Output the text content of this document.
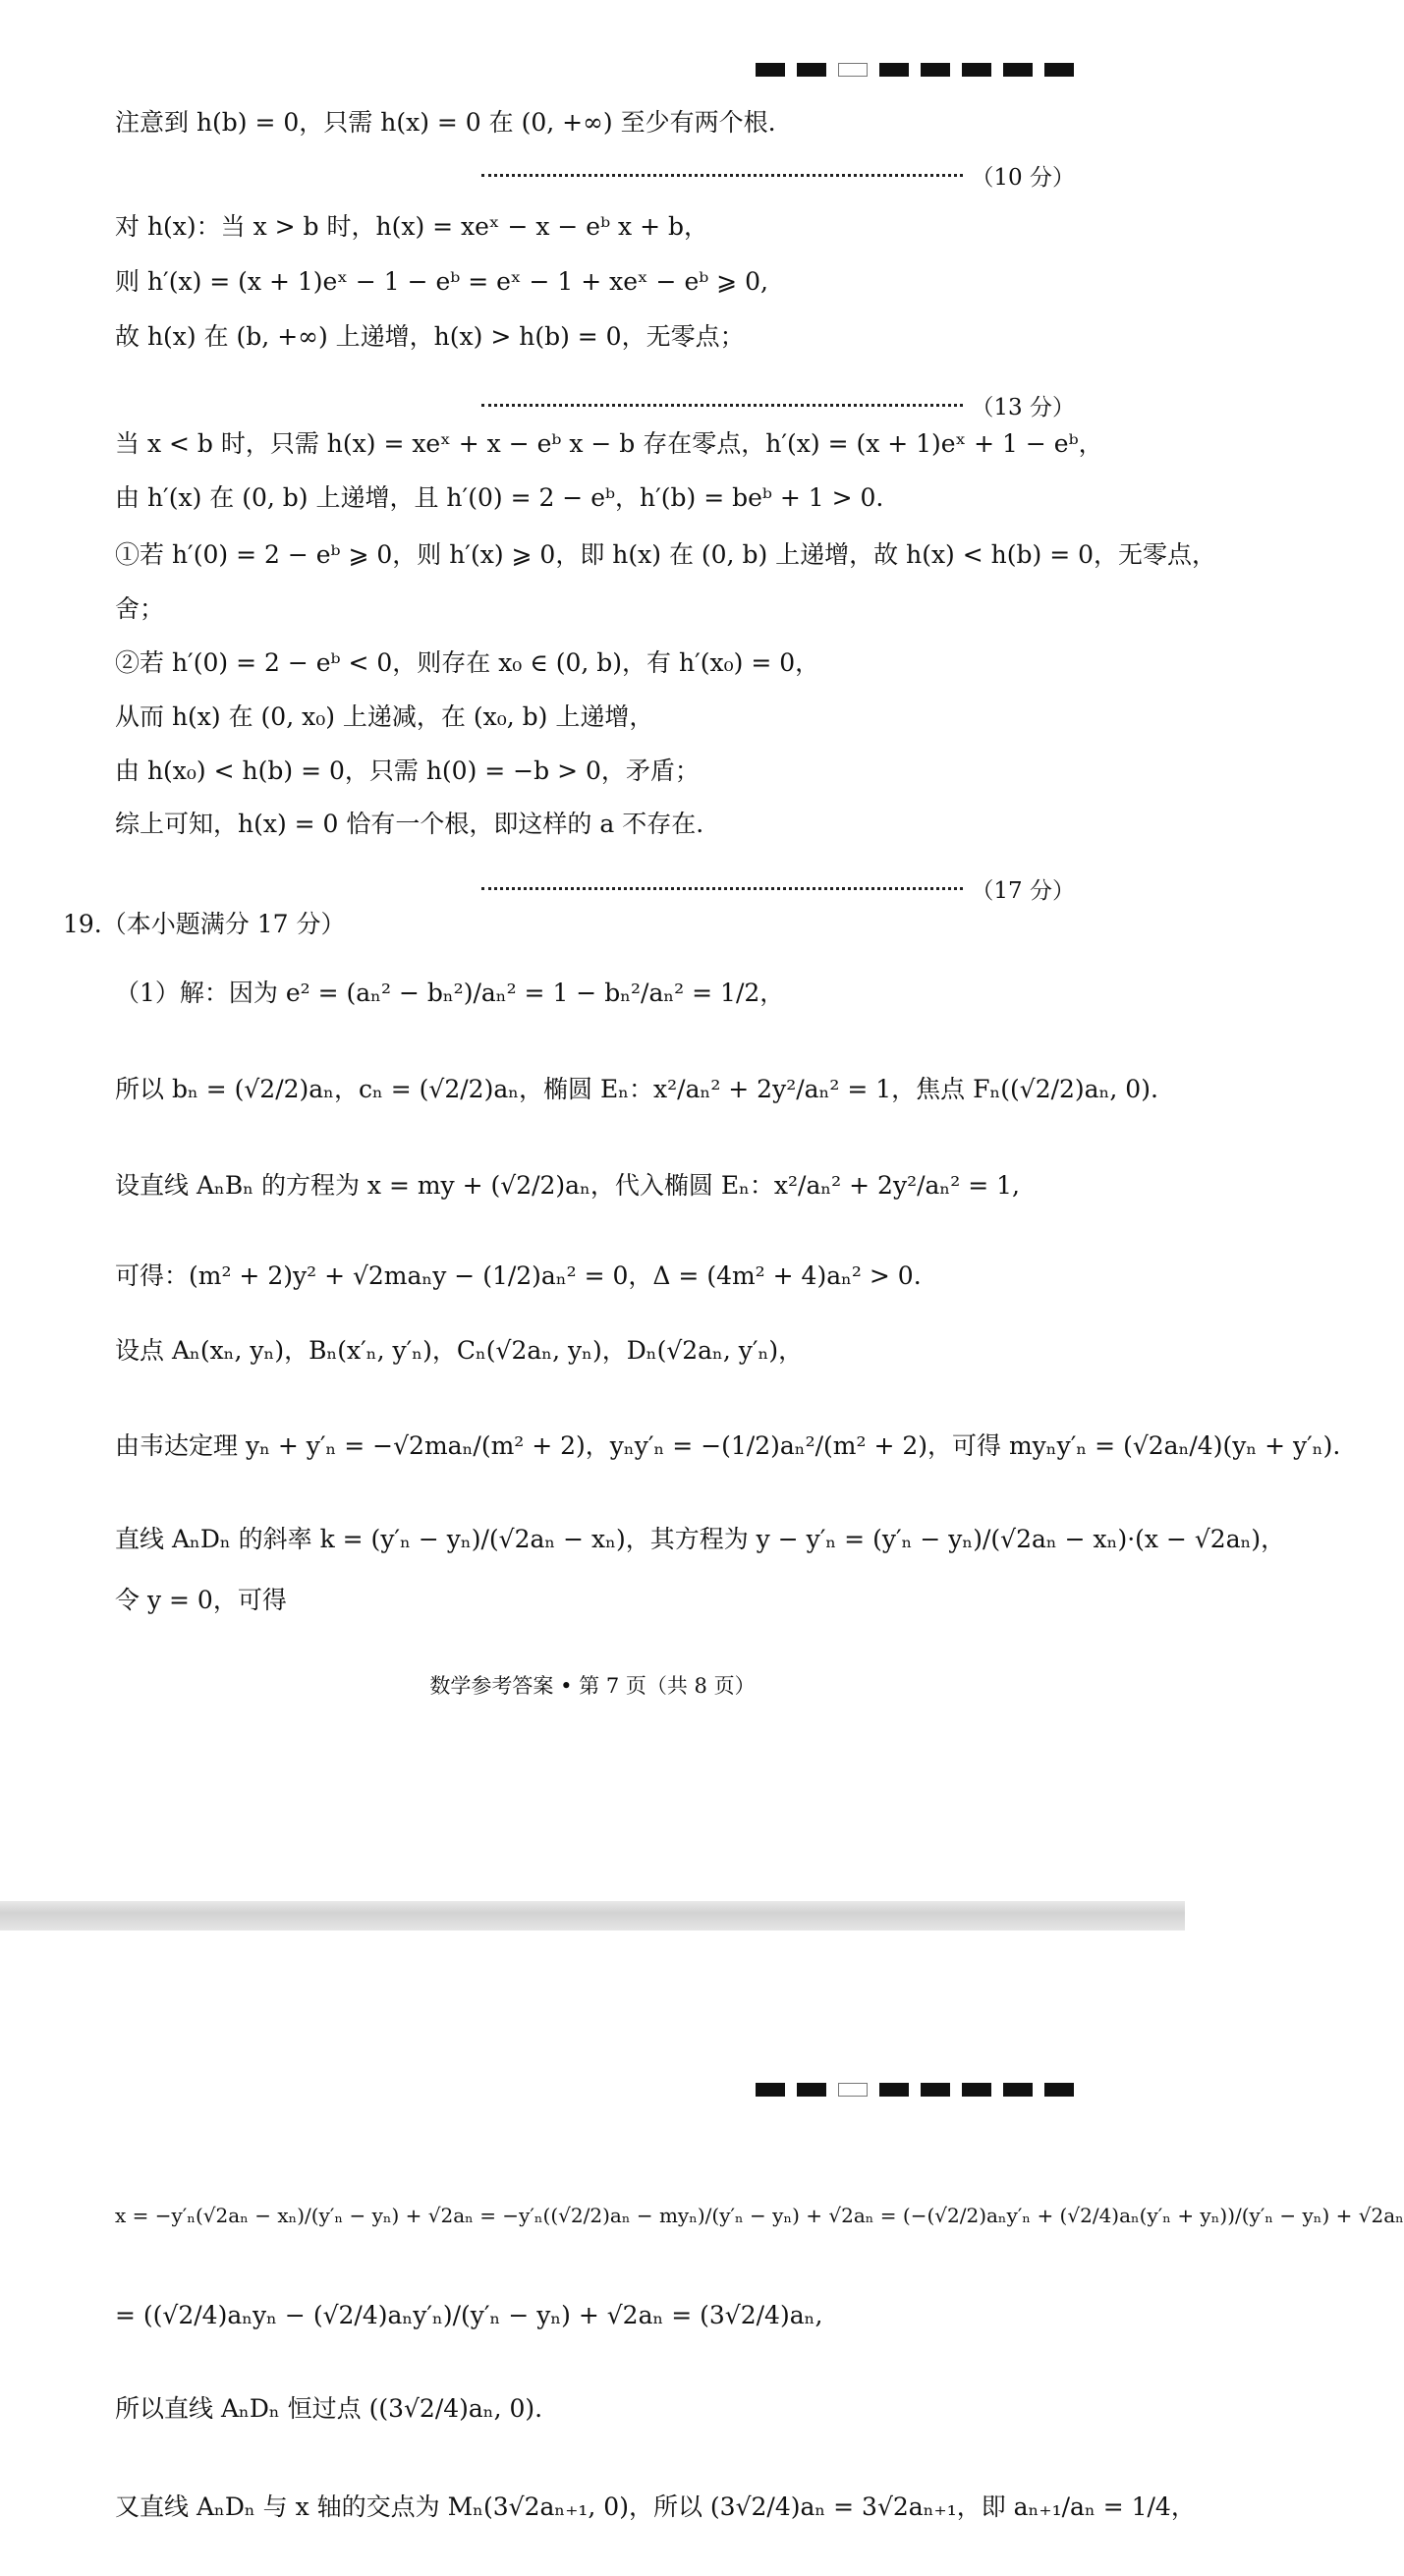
注意到 h(b) = 0，只需 h(x) = 0 在 (0, +∞) 至少有两个根.
（10 分）
对 h(x)：当 x > b 时，h(x) = xeˣ − x − eᵇ x + b，
则 h′(x) = (x + 1)eˣ − 1 − eᵇ = eˣ − 1 + xeˣ − eᵇ ⩾ 0,
故 h(x) 在 (b, +∞) 上递增，h(x) > h(b) = 0，无零点；
（13 分）
当 x < b 时，只需 h(x) = xeˣ + x − eᵇ x − b 存在零点，h′(x) = (x + 1)eˣ + 1 − eᵇ，
由 h′(x) 在 (0, b) 上递增，且 h′(0) = 2 − eᵇ，h′(b) = beᵇ + 1 > 0.
①若 h′(0) = 2 − eᵇ ⩾ 0，则 h′(x) ⩾ 0，即 h(x) 在 (0, b) 上递增，故 h(x) < h(b) = 0，无零点，
舍；
②若 h′(0) = 2 − eᵇ < 0，则存在 x₀ ∈ (0, b)，有 h′(x₀) = 0，
从而 h(x) 在 (0, x₀) 上递减，在 (x₀, b) 上递增，
由 h(x₀) < h(b) = 0，只需 h(0) = −b > 0，矛盾；
综上可知，h(x) = 0 恰有一个根，即这样的 a 不存在.
（17 分）
19.（本小题满分 17 分）
（1）解：因为 e² = (aₙ² − bₙ²)/aₙ² = 1 − bₙ²/aₙ² = 1/2，
所以 bₙ = (√2/2)aₙ，cₙ = (√2/2)aₙ，椭圆 Eₙ：x²/aₙ² + 2y²/aₙ² = 1，焦点 Fₙ((√2/2)aₙ, 0).
设直线 AₙBₙ 的方程为 x = my + (√2/2)aₙ，代入椭圆 Eₙ：x²/aₙ² + 2y²/aₙ² = 1,
可得：(m² + 2)y² + √2maₙy − (1/2)aₙ² = 0，Δ = (4m² + 4)aₙ² > 0.
设点 Aₙ(xₙ, yₙ)，Bₙ(x′ₙ, y′ₙ)，Cₙ(√2aₙ, yₙ)，Dₙ(√2aₙ, y′ₙ)，
由韦达定理 yₙ + y′ₙ = −√2maₙ/(m² + 2)，yₙy′ₙ = −(1/2)aₙ²/(m² + 2)，可得 myₙy′ₙ = (√2aₙ/4)(yₙ + y′ₙ).
直线 AₙDₙ 的斜率 k = (y′ₙ − yₙ)/(√2aₙ − xₙ)，其方程为 y − y′ₙ = (y′ₙ − yₙ)/(√2aₙ − xₙ)·(x − √2aₙ)，
令 y = 0，可得
数学参考答案 • 第 7 页（共 8 页）
x = −y′ₙ(√2aₙ − xₙ)/(y′ₙ − yₙ) + √2aₙ = −y′ₙ((√2/2)aₙ − myₙ)/(y′ₙ − yₙ) + √2aₙ = (−(√2/2)aₙy′ₙ + (√2/4)aₙ(y′ₙ + yₙ))/(y′ₙ − yₙ) + √2aₙ
= ((√2/4)aₙyₙ − (√2/4)aₙy′ₙ)/(y′ₙ − yₙ) + √2aₙ = (3√2/4)aₙ,
所以直线 AₙDₙ 恒过点 ((3√2/4)aₙ, 0).
又直线 AₙDₙ 与 x 轴的交点为 Mₙ(3√2aₙ₊₁, 0)，所以 (3√2/4)aₙ = 3√2aₙ₊₁，即 aₙ₊₁/aₙ = 1/4，
